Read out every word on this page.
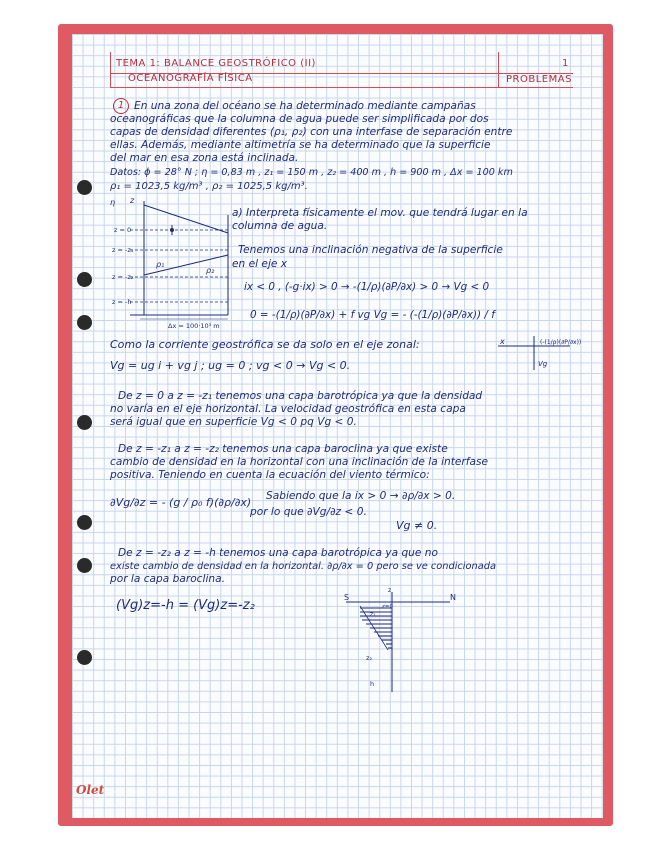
TEMA 1: BALANCE GEOSTRÓFICO (II)
OCEANOGRAFÍA FÍSICA
1
PROBLEMAS
1 En una zona del océano se ha determinado mediante campañas
oceanográficas que la columna de agua puede ser simplificada por dos
capas de densidad diferentes (ρ₁, ρ₂) con una interfase de separación entre
ellas. Además, mediante altimetría se ha determinado que la superficie
del mar en esa zona está inclinada.
Datos: ϕ = 28° N ; η = 0,83 m , z₁ = 150 m , z₂ = 400 m , h = 900 m , Δx = 100 km
ρ₁ = 1023,5 kg/m³ , ρ₂ = 1025,5 kg/m³.
η z
z = 0
z = -z₁
z = -z₂
z = -h
ρ₁
ρ₂
Δx = 100·10³ m
a) Interpreta físicamente el mov. que tendrá lugar en la
columna de agua.
Tenemos una inclinación negativa de la superficie
en el eje x
ix < 0 , (-g·ix) > 0 → -(1/ρ)(∂P/∂x) > 0 → Vg < 0
0 = -(1/ρ)(∂P/∂x) + f vg Vg = - (-(1/ρ)(∂P/∂x)) / f
Como la corriente geostrófica se da solo en el eje zonal:
Vg = ug i + vg j ; ug = 0 ; vg < 0 → Vg < 0.
x	(-(1/ρ)(∂P/∂x))
Vg
De z = 0 a z = -z₁ tenemos una capa barotrópica ya que la densidad
no varía en el eje horizontal. La velocidad geostrófica en esta capa
será igual que en superficie Vg < 0 pq Vg < 0.
De z = -z₁ a z = -z₂ tenemos una capa baroclina ya que existe
cambio de densidad en la horizontal con una inclinación de la interfase
positiva. Teniendo en cuenta la ecuación del viento térmico:
∂Vg/∂z = - (g / ρ₀ f)(∂ρ/∂x) Sabiendo que la ix > 0 → ∂ρ/∂x > 0.
por lo que ∂Vg/∂z < 0.
Vg ≠ 0.
De z = -z₂ a z = -h tenemos una capa barotrópica ya que no
existe cambio de densidad en la horizontal. ∂ρ/∂x = 0 pero se ve condicionada
por la capa baroclina.
(Vg)z=-h = (Vg)z=-z₂
S	N
z
z=0
z₁
z₂
h
Olet
